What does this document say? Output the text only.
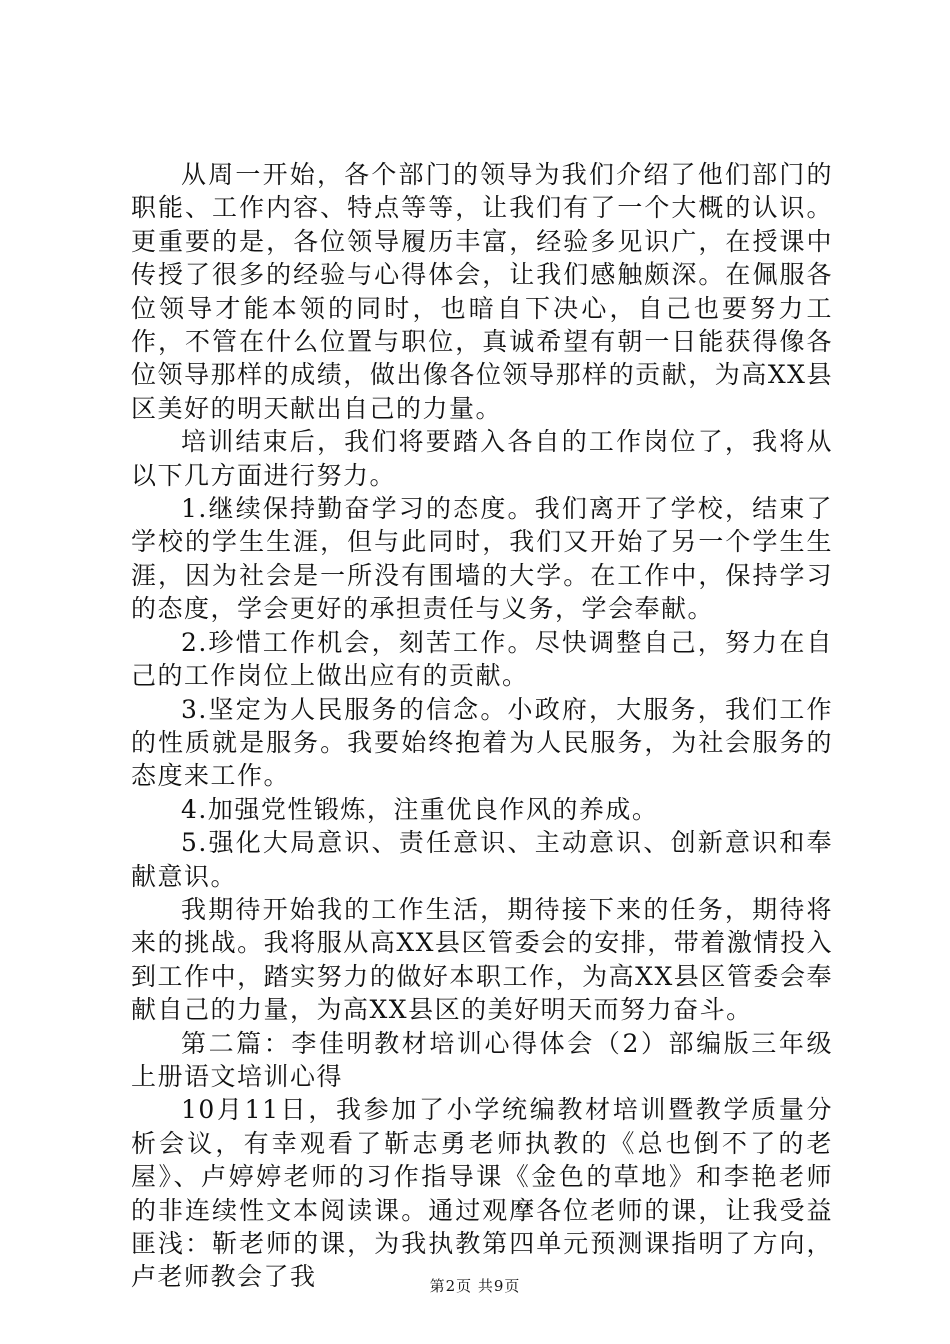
从周一开始，各个部门的领导为我们介绍了他们部门的职能、工作内容、特点等等，让我们有了一个大概的认识。更重要的是，各位领导履历丰富，经验多见识广，在授课中传授了很多的经验与心得体会，让我们感触颇深。在佩服各位领导才能本领的同时，也暗自下决心，自己也要努力工作，不管在什么位置与职位，真诚希望有朝一日能获得像各位领导那样的成绩，做出像各位领导那样的贡献，为高XX县区美好的明天献出自己的力量。

培训结束后，我们将要踏入各自的工作岗位了，我将从以下几方面进行努力。

1.继续保持勤奋学习的态度。我们离开了学校，结束了学校的学生生涯，但与此同时，我们又开始了另一个学生生涯，因为社会是一所没有围墙的大学。在工作中，保持学习的态度，学会更好的承担责任与义务，学会奉献。

2.珍惜工作机会，刻苦工作。尽快调整自己，努力在自己的工作岗位上做出应有的贡献。

3.坚定为人民服务的信念。小政府，大服务，我们工作的性质就是服务。我要始终抱着为人民服务，为社会服务的态度来工作。

4.加强党性锻炼，注重优良作风的养成。

5.强化大局意识、责任意识、主动意识、创新意识和奉献意识。

我期待开始我的工作生活，期待接下来的任务，期待将来的挑战。我将服从高XX县区管委会的安排，带着激情投入到工作中，踏实努力的做好本职工作，为高XX县区管委会奉献自己的力量，为高XX县区的美好明天而努力奋斗。

第二篇：李佳明教材培训心得体会（2）部编版三年级上册语文培训心得

10月11日，我参加了小学统编教材培训暨教学质量分析会议，有幸观看了靳志勇老师执教的《总也倒不了的老屋》、卢婷婷老师的习作指导课《金色的草地》和李艳老师的非连续性文本阅读课。通过观摩各位老师的课，让我受益匪浅：靳老师的课，为我执教第四单元预测课指明了方向，卢老师教会了我	第2页 共9页
